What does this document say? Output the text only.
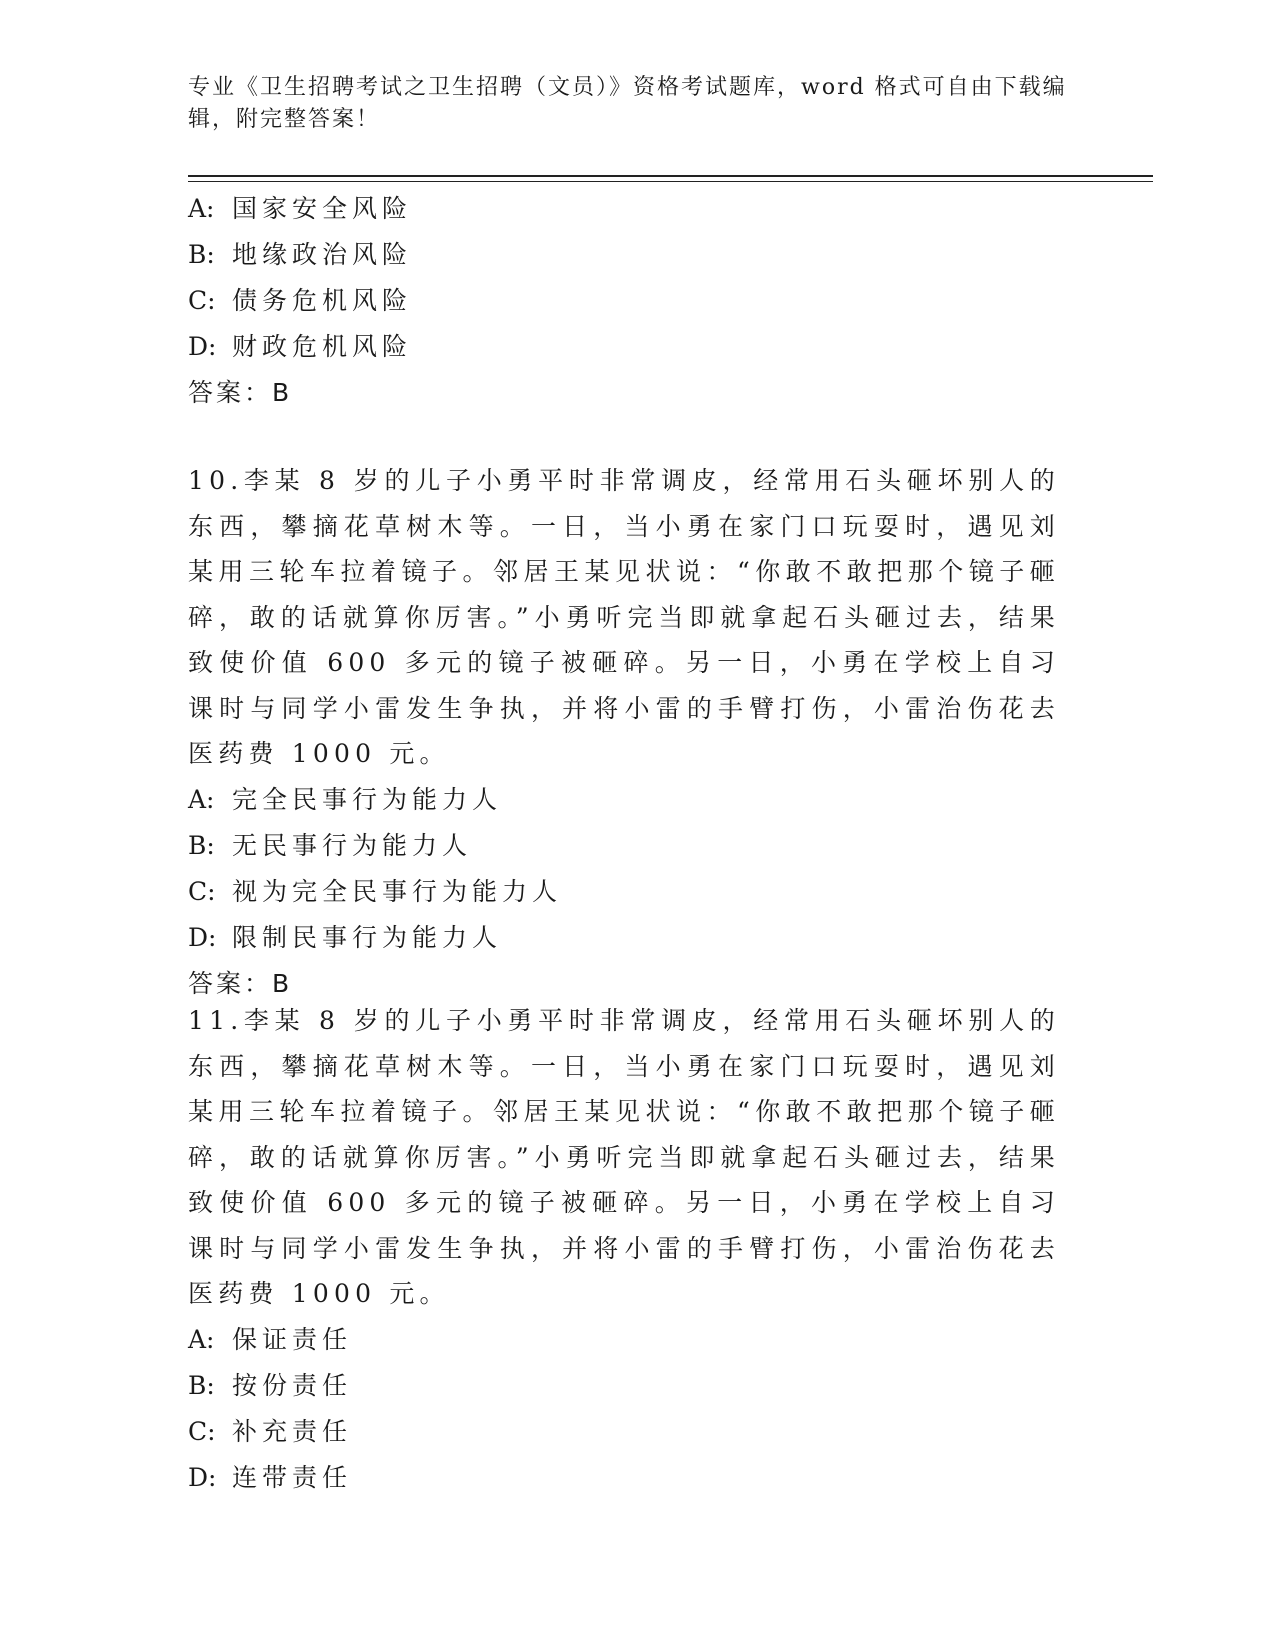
专业《卫生招聘考试之卫生招聘（文员）》资格考试题库，word 格式可自由下载编辑，附完整答案！
A: 国家安全风险
B: 地缘政治风险
C: 债务危机风险
D: 财政危机风险
答案：B
10.李某 8 岁的儿子小勇平时非常调皮，经常用石头砸坏别人的东西，攀摘花草树木等。一日，当小勇在家门口玩耍时，遇见刘某用三轮车拉着镜子。邻居王某见状说：“你敢不敢把那个镜子砸碎，敢的话就算你厉害。”小勇听完当即就拿起石头砸过去，结果致使价值 600 多元的镜子被砸碎。另一日，小勇在学校上自习课时与同学小雷发生争执，并将小雷的手臂打伤，小雷治伤花去医药费 1000 元。
A: 完全民事行为能力人
B: 无民事行为能力人
C: 视为完全民事行为能力人
D: 限制民事行为能力人
答案：B
11.李某 8 岁的儿子小勇平时非常调皮，经常用石头砸坏别人的东西，攀摘花草树木等。一日，当小勇在家门口玩耍时，遇见刘某用三轮车拉着镜子。邻居王某见状说：“你敢不敢把那个镜子砸碎，敢的话就算你厉害。”小勇听完当即就拿起石头砸过去，结果致使价值 600 多元的镜子被砸碎。另一日，小勇在学校上自习课时与同学小雷发生争执，并将小雷的手臂打伤，小雷治伤花去医药费 1000 元。
A: 保证责任
B: 按份责任
C: 补充责任
D: 连带责任
